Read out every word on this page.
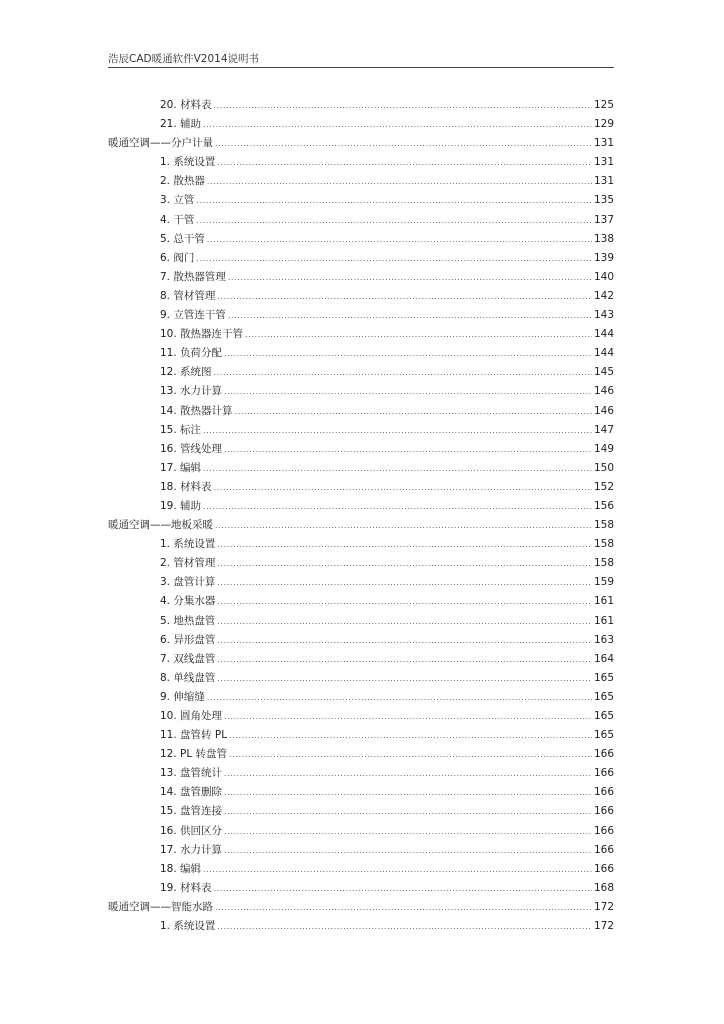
浩辰CAD暖通软件V2014说明书
20. 材料表 .....	125
21. 辅助 .....	129
暖通空调——分户计量 .....	131
1. 系统设置 .....	131
2. 散热器 .....	131
3. 立管 .....	135
4. 干管 .....	137
5. 总干管 .....	138
6. 阀门 .....	139
7. 散热器管理 .....	140
8. 管材管理 .....	142
9. 立管连干管 .....	143
10. 散热器连干管 .....	144
11. 负荷分配 .....	144
12. 系统图 .....	145
13. 水力计算 .....	146
14. 散热器计算 .....	146
15. 标注 .....	147
16. 管线处理 .....	149
17. 编辑 .....	150
18. 材料表 .....	152
19. 辅助 .....	156
暖通空调——地板采暖 .....	158
1. 系统设置 .....	158
2. 管材管理 .....	158
3. 盘管计算 .....	159
4. 分集水器 .....	161
5. 地热盘管 .....	161
6. 异形盘管 .....	163
7. 双线盘管 .....	164
8. 单线盘管 .....	165
9. 伸缩缝 .....	165
10. 圆角处理 .....	165
11. 盘管转 PL .....	165
12. PL 转盘管 .....	166
13. 盘管统计 .....	166
14. 盘管删除 .....	166
15. 盘管连接 .....	166
16. 供回区分 .....	166
17. 水力计算 .....	166
18. 编辑 .....	166
19. 材料表 .....	168
暖通空调——智能水路 .....	172
1. 系统设置 .....	172
